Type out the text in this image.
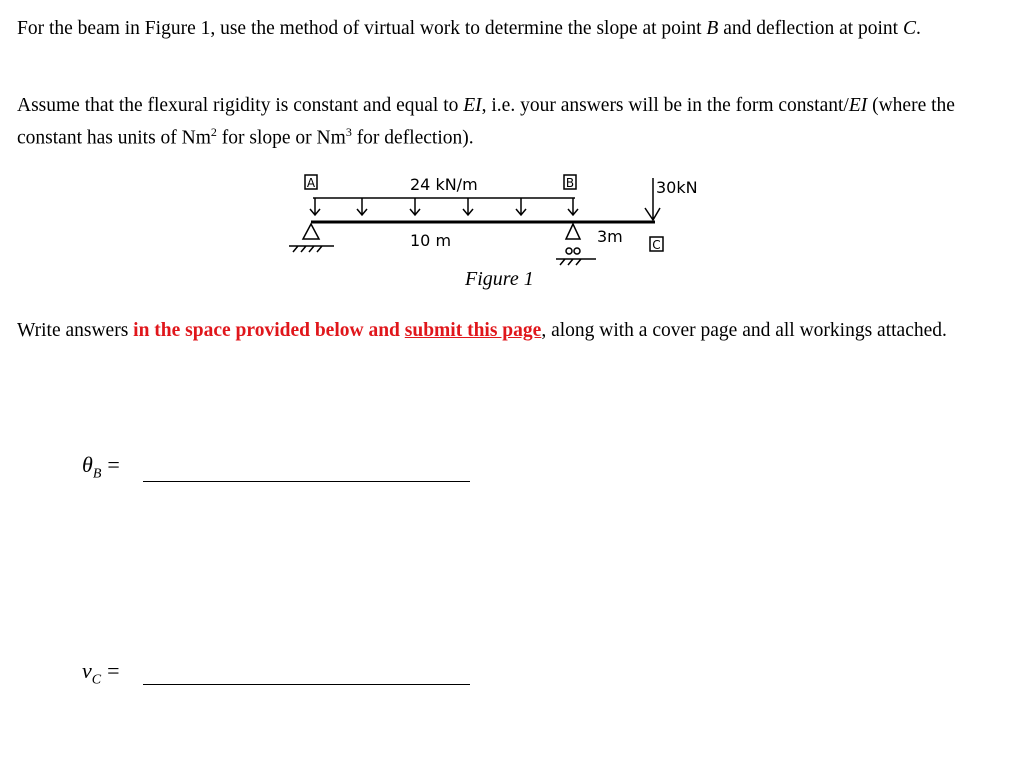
For the beam in Figure 1, use the method of virtual work to determine the slope at point B and deflection at point C.

Assume that the flexural rigidity is constant and equal to EI, i.e. your answers will be in the form constant/EI (where the constant has units of Nm$^2$ for slope or Nm$^3$ for deflection).

A	B
C
24 kN/m	30kN
10 m	3m
Figure 1

Write answers in the space provided below and submit this page, along with a cover page and all workings attached.

$\theta_B$ =
$v_C$ =
